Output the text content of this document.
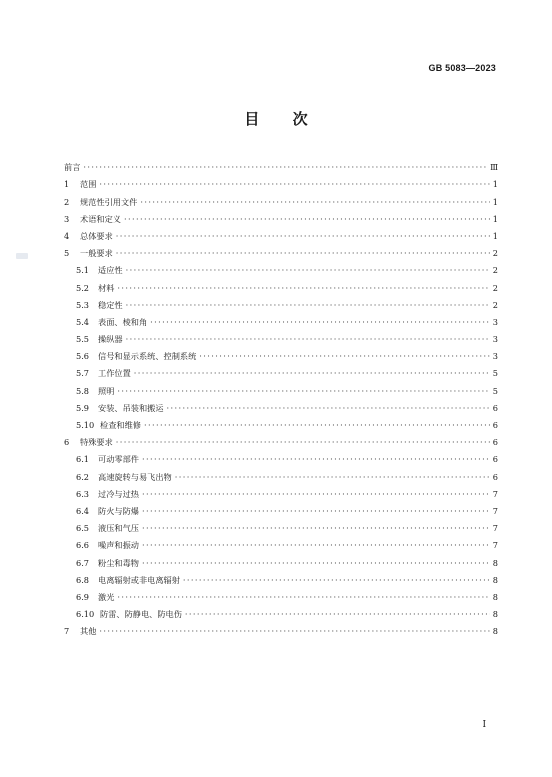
GB 5083—2023
目 次
前言 ·····	Ⅲ
1	范围 ·····	1
2	规范性引用文件 ·····	1
3	术语和定义 ·····	1
4	总体要求 ·····	1
5	一般要求 ·····	2
5.1	适应性 ·····	2
5.2	材料 ·····	2
5.3	稳定性 ·····	2
5.4	表面、棱和角 ·····	3
5.5	操纵器 ·····	3
5.6	信号和显示系统、控制系统 ·····	3
5.7	工作位置 ·····	5
5.8	照明 ·····	5
5.9	安装、吊装和搬运 ·····	6
5.10 检查和维修 ·····	6
6	特殊要求 ·····	6
6.1	可动零部件 ·····	6
6.2	高速旋转与易飞出物 ·····	6
6.3	过冷与过热 ·····	7
6.4	防火与防爆 ·····	7
6.5	液压和气压 ·····	7
6.6	噪声和振动 ·····	7
6.7	粉尘和毒物 ·····	8
6.8	电离辐射或非电离辐射 ·····	8
6.9	激光 ·····	8
6.10 防雷、防静电、防电伤 ·····	8
7	其他 ·····	8
I
